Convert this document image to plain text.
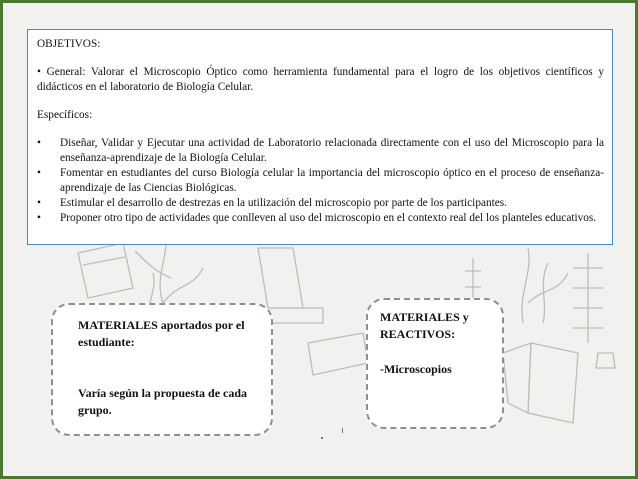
OBJETIVOS:

• General: Valorar el Microscopio Óptico como herramienta fundamental para el logro de los objetivos científicos y didácticos en el laboratorio de Biología Celular.

Específicos:

• Diseñar, Validar y Ejecutar una actividad de Laboratorio relacionada directamente con el uso del Microscopio para la enseñanza-aprendizaje de la Biología Celular.
• Fomentar en estudiantes del curso Biología celular la importancia del microscopio óptico en el proceso de enseñanza-aprendizaje de las Ciencias Biológicas.
• Estimular el desarrollo de destrezas en la utilización del microscopio por parte de los participantes.
• Proponer otro tipo de actividades que conlleven al uso del microscopio en el contexto real del los planteles educativos.

MATERIALES aportados por el estudiante:

Varía según la propuesta de cada grupo.

MATERIALES y REACTIVOS:

-Microscopios
